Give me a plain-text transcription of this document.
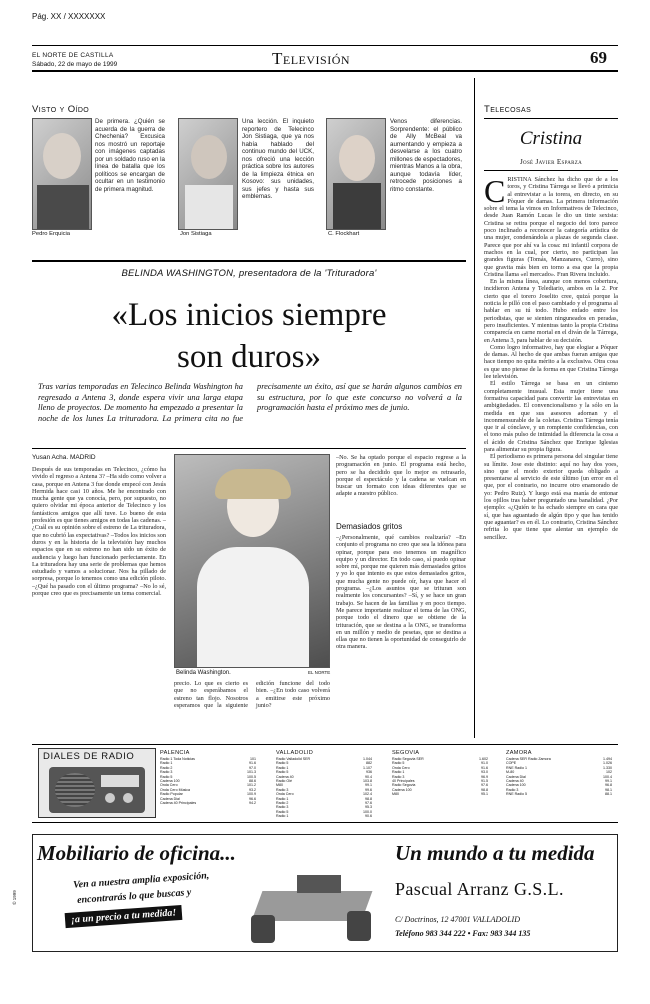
Pág. XX / XXXXXXX
EL NORTE DE CASTILLA
Sábado, 22 de mayo de 1999	Televisión	69
Visto y Oído
Pedro Erquicia
De primera. ¿Quién se acuerda de la guerra de Chechenia? Excusica nos mostró un reportaje con imágenes captadas por un soldado ruso en la línea de batalla que los políticos se encargan de ocultar en un testimonio de primera magnitud.
Jon Sistiaga
Una lección. El inquieto reportero de Telecinco Jon Sistiaga, que ya nos había hablado del continuo mundo del UCK, nos ofreció una lección práctica sobre los autores de la limpieza étnica en Kosovo: sus unidades, sus jefes y hasta sus emblemas.
C. Flockhart
Venos diferencias. Sorprendente: el público de Ally McBeal va aumentando y empieza a desvelarse a los cuatro millones de espectadores, mientras Manos a la obra, aunque todavía líder, retrocede posiciones a ritmo constante.
Telecosas
Cristina
José Javier Esparza
C RISTINA Sánchez ha dicho que de a los toros, y Cristina Tárrega se llevó a primicia al entrevistar a la torera, en directo, en su Pòquer de damas. La primera información sobre el tema la vimos en Informativos de Telecinco, desde Juan Ramón Lucas le dio un tinte sexista: Cristina se retira porque el negocio del toro parece poco inclinado a reconocer la categoría artística de una mujer, condenándola a plazas de segunda clase. Parece que por ahí va la cosa: mi infantil corpora de machos en la cual, por cierto, no participan las grandes figuras (Tomás, Manzanares, Curro), sino que gravita más bien en torno a esa que la propia Cristina llama «el mercado». Fran Rivera incluido.

En la misma línea, aunque con menos cobertura, incidieron Antena y Telediario, ambos en la 2. Por cierto que el torero Joselito cree, quizá porque la noticia le pilló con el paso cambiado y el programa al hablar en su tú todo. Hubo enfado entre los periodistas, que se sienten ninguneados en peradas, pero insuficientes. Y mientras tanto la propia Cristina comparecía en carne mortal en el diván de la Tárrega, en Antena 3, para hablar de su decisión.

Como logro informativo, hay que elogiar a Póquer de damas. Al hecho de que ambas fueran amigas que hace tiempo no quita mérito a la exclusiva. Otra cosa es que uno piense de la forma en que Cristina Tárrega lee televisión.

El estilo Tárrega se basa en un cinismo completamente inusual. Esta mujer tiene una formativa capacidad para convertir las entrevistas en ambigüedades. El convencionalismo y la sólo en la medida en que sus asesores adornan y el inconmensurable de la coletas. Cristina Tárrega tenía que ir al cónclave, y un rompiente confidencias, con el tono más pulso de intimidad la diferencia la cosa a el ácido de Cristina Sánchez que Enrique Iglesias para alimentar su propia figura.

El periodismo es primera persona del singular tiene su límite. Jose este distinto: aquí no hay dos yoes, sino que el modo exterior queda obligado a presentarse al servicio de este último (un error en el que, por el contrario, no incurre otro enamorado de yo: Pedro Ruiz). Y luego está esa manía de entonar los ojillos tras haber preguntado una banalidad. ¿Por ejemplo: «¿Quién te ha echado siempre en cara que sí, que has aguantado de algún tipo y que has tenido que aguantar? es en él. Lo contrario, Cristina Sánchez refrita lo que tiene que alentar un ejemplo de sencillez.

BELINDA WASHINGTON, presentadora de la 'Trituradora'
«Los inicios siempre
son duros»
Tras varias temporadas en Telecinco Belinda Washington ha regresado a Antena 3, donde espera vivir una larga etapa lleno de proyectos. De momento ha empezado a presentar la noche de los lunes La trituradora. La primera cita no fue precisamente un éxito, así que se harán algunos cambios en su estructura, por lo que este concurso no volverá a la programación hasta el próximo mes de junio.
Yusan Acha. MADRID
Después de sus temporadas en Telecinco, ¿cómo ha vivido el regreso a Antena 3? –Ha sido como volver a casa, porque en Antena 3 fue donde empecé con Jesús Hermida hace casi 10 años. Me he encontrado con mucha gente que ya conocía, pero, por supuesto, no quiero olvidar mi época anterior de Telecinco y los fantásticos amigos que allí tuve. Lo bueno de esta profesión es que tienes amigos en todas las cadenas. –¿Cuál es su opinión sobre el estreno de La trituradora, que no cubrió las expectativas? –Todos los inicios son duros y en la historia de la televisión hay muchos espacios que en su estreno no han sido un éxito de audiencia y luego han funcionado perfectamente. En La trituradora hay una serie de problemas que hemos estudiado y vamos a solucionar. Nos ha pillado de sorpresa, porque lo tenemos como una edición piloto. –¿Qué ha pasado con el último programa? –No lo sé, porque creo que es precisamente un tema comercial.
Belinda Washington.	EL NORTE
precio. Lo que es cierto es que no esperábamos el estreno tan flojo. Nosotros esperamos que la siguiente edición funcione del todo bien. –¿En todo caso volverá a emitirse este próximo junio?
–No. Se ha optado porque el espacio regrese a la programación en junio. El programa está hecho, pero se ha decidido que lo mejor es retrasarlo, porque el espectáculo y la cadena se vuelcan en buscar un formato con ideas diferentes que se adapte a nuestro público.
Demasiados gritos
–¿Personalmente, qué cambios realizaría? –En conjunto el programa no creo que sea la idónea para opinar, porque para eso tenemos un magnífico equipo y un director. En todo caso, sí puedo opinar sobre mí, porque me quieren más demasiados gritos y yo lo que intento es que estos demasiados gritos, que mucha gente no puede oír, haya que hacer el programa. –¿Los asuntos que se trituran son realmente los concursantes? –Sí, y se hace un gran trabajo. Se hacen de las familias y en poco tiempo. Me parece importante realizar el tema de las ONG, porque todo el dinero que se obtiene de la trituración, que se destina a la ONG, se transforma en un millón y medio de pesetas, que se destina a ellas que no tienen la oportunidad de conseguirlo de otra manera.
DIALES DE RADIO	PALENCIA
Radio 1 Toda Noticias	101
Radio 1	91.6
Radio 2	97.0
Radio 3	101.3
Radio 5	100.5
Cadena 100	88.6
Onda Cero	101.2
Onda Cero Música	93.2
Radio Popular	100.9
Cadena Dial	96.6
Cadena 40 Principales	94.2
VALLADOLID
Radio Valladolid SER	1.044
Radio 5	882
Radio 1	1.107
Radio 5	936
Cadena 40	90.4
Radio Olé	103.8
M80	99.1
Radio 3	99.6
Onda Cero	102.4
Radio 1	98.8
Radio 2	97.6
Radio 3	95.3
Radio 5	100.0
Radio 1	90.6
SEGOVIA
Radio Segovia SER	1.602
Radio 5	91.0
Onda Cero	91.6
Radio 1	93.0
Radio 3	96.9
40 Principales	91.5
Radio Segovia	97.6
Cadena 100	98.8
M80	95.1
ZAMORA
Cadena SER Radio Zamora	1.494
COPE	1.026
RNE Radio 1	1.330
M-80	102
Cadena Dial	100.4
Cadena 40	99.1
Cadena 100	96.8
Radio 3	98.1
RNE Radio 5	88.1
© 1999
Mobiliario de oficina...
Ven a nuestra amplia exposición,
encontrarás lo que buscas y
¡a un precio a tu medida!
Un mundo a tu medida
Pascual Arranz G.S.L.
C/ Doctrinos, 12 47001 VALLADOLID
Teléfono 983 344 222 • Fax: 983 344 135
